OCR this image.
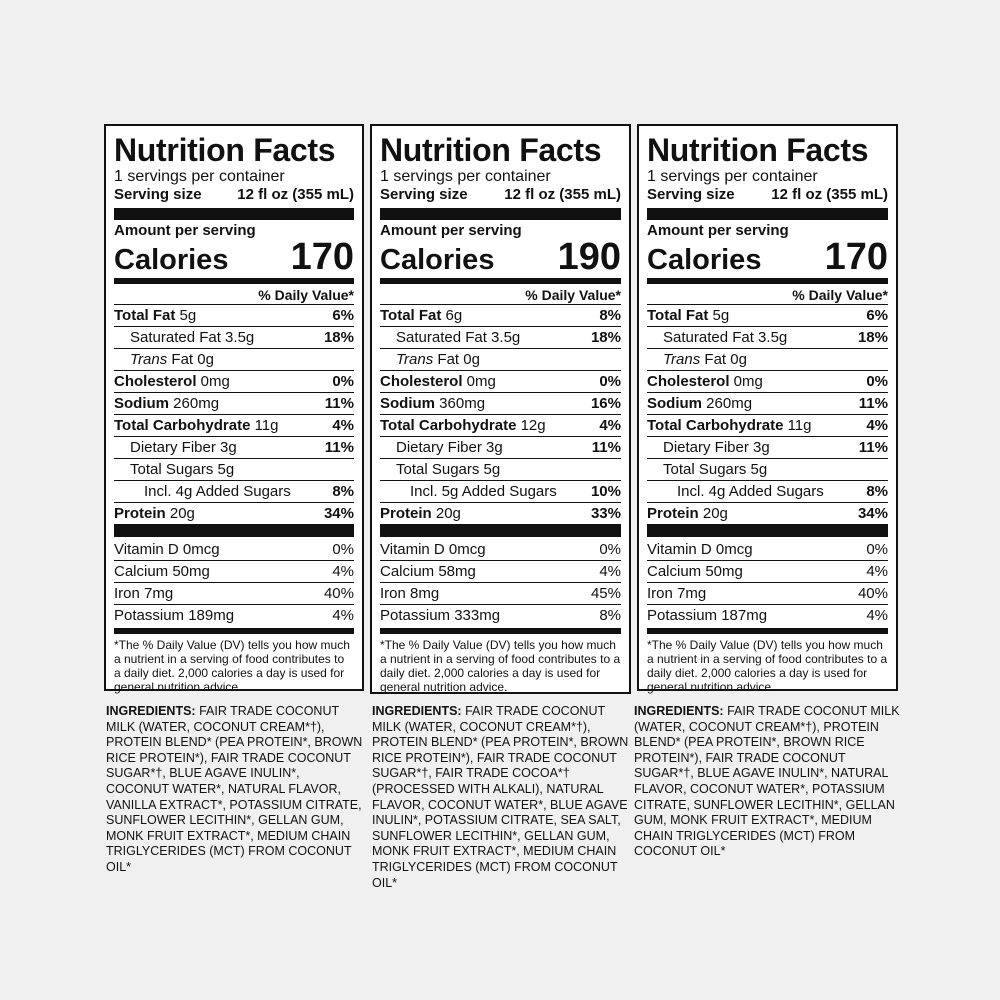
Nutrition Facts
1 servings per container
Serving size 12 fl oz (355 mL)
Amount per serving
Calories 170
% Daily Value*
Total Fat 5g	6%
Saturated Fat 3.5g	18%
Trans Fat 0g
Cholesterol 0mg	0%
Sodium 260mg	11%
Total Carbohydrate 11g	4%
Dietary Fiber 3g	11%
Total Sugars 5g
Incl. 4g Added Sugars	8%
Protein 20g	34%
Vitamin D 0mcg	0%
Calcium 50mg	4%
Iron 7mg	40%
Potassium 189mg	4%
*The % Daily Value (DV) tells you how much a nutrient in a serving of food contributes to a daily diet. 2,000 calories a day is used for general nutrition advice.
INGREDIENTS: FAIR TRADE COCONUT MILK (WATER, COCONUT CREAM*†), PROTEIN BLEND* (PEA PROTEIN*, BROWN RICE PROTEIN*), FAIR TRADE COCONUT SUGAR*†, BLUE AGAVE INULIN*, COCONUT WATER*, NATURAL FLAVOR, VANILLA EXTRACT*, POTASSIUM CITRATE, SUNFLOWER LECITHIN*, GELLAN GUM, MONK FRUIT EXTRACT*, MEDIUM CHAIN TRIGLYCERIDES (MCT) FROM COCONUT OIL*
Nutrition Facts
1 servings per container
Serving size 12 fl oz (355 mL)
Amount per serving
Calories 190
% Daily Value*
Total Fat 6g	8%
Saturated Fat 3.5g	18%
Trans Fat 0g
Cholesterol 0mg	0%
Sodium 360mg	16%
Total Carbohydrate 12g	4%
Dietary Fiber 3g	11%
Total Sugars 5g
Incl. 5g Added Sugars 10%
Protein 20g	33%
Vitamin D 0mcg	0%
Calcium 58mg	4%
Iron 8mg	45%
Potassium 333mg	8%
*The % Daily Value (DV) tells you how much a nutrient in a serving of food contributes to a daily diet. 2,000 calories a day is used for general nutrition advice.
INGREDIENTS: FAIR TRADE COCONUT MILK (WATER, COCONUT CREAM*†), PROTEIN BLEND* (PEA PROTEIN*, BROWN RICE PROTEIN*), FAIR TRADE COCONUT SUGAR*†, FAIR TRADE COCOA*† (PROCESSED WITH ALKALI), NATURAL FLAVOR, COCONUT WATER*, BLUE AGAVE INULIN*, POTASSIUM CITRATE, SEA SALT, SUNFLOWER LECITHIN*, GELLAN GUM, MONK FRUIT EXTRACT*, MEDIUM CHAIN TRIGLYCERIDES (MCT) FROM COCONUT OIL*
Nutrition Facts
1 servings per container
Serving size 12 fl oz (355 mL)
Amount per serving
Calories 170
% Daily Value*
Total Fat 5g	6%
Saturated Fat 3.5g	18%
Trans Fat 0g
Cholesterol 0mg	0%
Sodium 260mg	11%
Total Carbohydrate 11g	4%
Dietary Fiber 3g	11%
Total Sugars 5g
Incl. 4g Added Sugars	8%
Protein 20g	34%
Vitamin D 0mcg	0%
Calcium 50mg	4%
Iron 7mg	40%
Potassium 187mg	4%
*The % Daily Value (DV) tells you how much a nutrient in a serving of food contributes to a daily diet. 2,000 calories a day is used for general nutrition advice.
INGREDIENTS: FAIR TRADE COCONUT MILK (WATER, COCONUT CREAM*†), PROTEIN BLEND* (PEA PROTEIN*, BROWN RICE PROTEIN*), FAIR TRADE COCONUT SUGAR*†, BLUE AGAVE INULIN*, NATURAL FLAVOR, COCONUT WATER*, POTASSIUM CITRATE, SUNFLOWER LECITHIN*, GELLAN GUM, MONK FRUIT EXTRACT*, MEDIUM CHAIN TRIGLYCERIDES (MCT) FROM COCONUT OIL*
